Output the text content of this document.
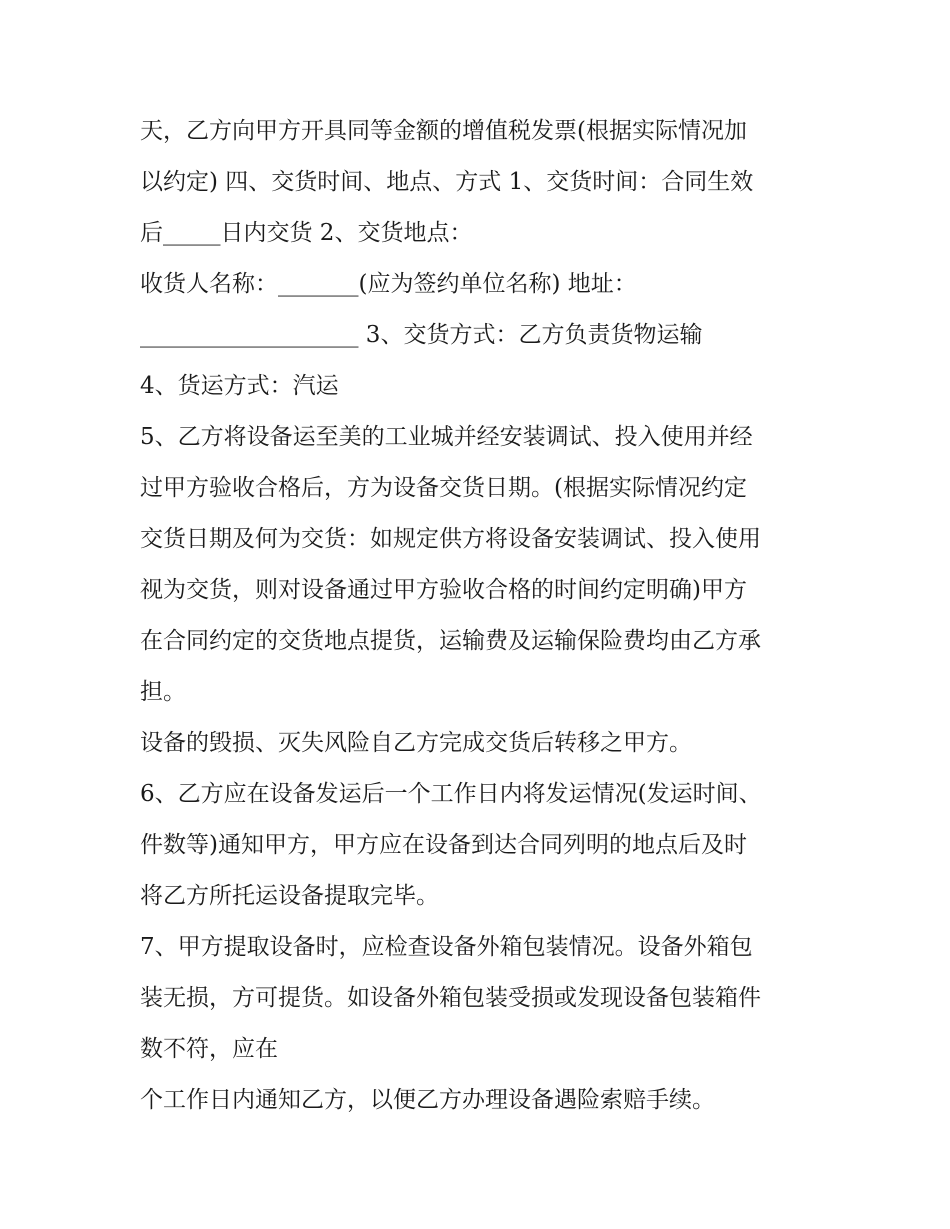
天，乙方向甲方开具同等金额的增值税发票(根据实际情况加
以约定) 四、交货时间、地点、方式 1、交货时间：合同生效
后_____日内交货 2、交货地点：
收货人名称：_______(应为签约单位名称) 地址：
___________________ 3、交货方式：乙方负责货物运输
4、货运方式：汽运
5、乙方将设备运至美的工业城并经安装调试、投入使用并经
过甲方验收合格后，方为设备交货日期。(根据实际情况约定
交货日期及何为交货：如规定供方将设备安装调试、投入使用
视为交货，则对设备通过甲方验收合格的时间约定明确)甲方
在合同约定的交货地点提货，运输费及运输保险费均由乙方承
担。
设备的毁损、灭失风险自乙方完成交货后转移之甲方。
6、乙方应在设备发运后一个工作日内将发运情况(发运时间、
件数等)通知甲方，甲方应在设备到达合同列明的地点后及时
将乙方所托运设备提取完毕。
7、甲方提取设备时，应检查设备外箱包装情况。设备外箱包
装无损，方可提货。如设备外箱包装受损或发现设备包装箱件
数不符，应在
个工作日内通知乙方，以便乙方办理设备遇险索赔手续。
